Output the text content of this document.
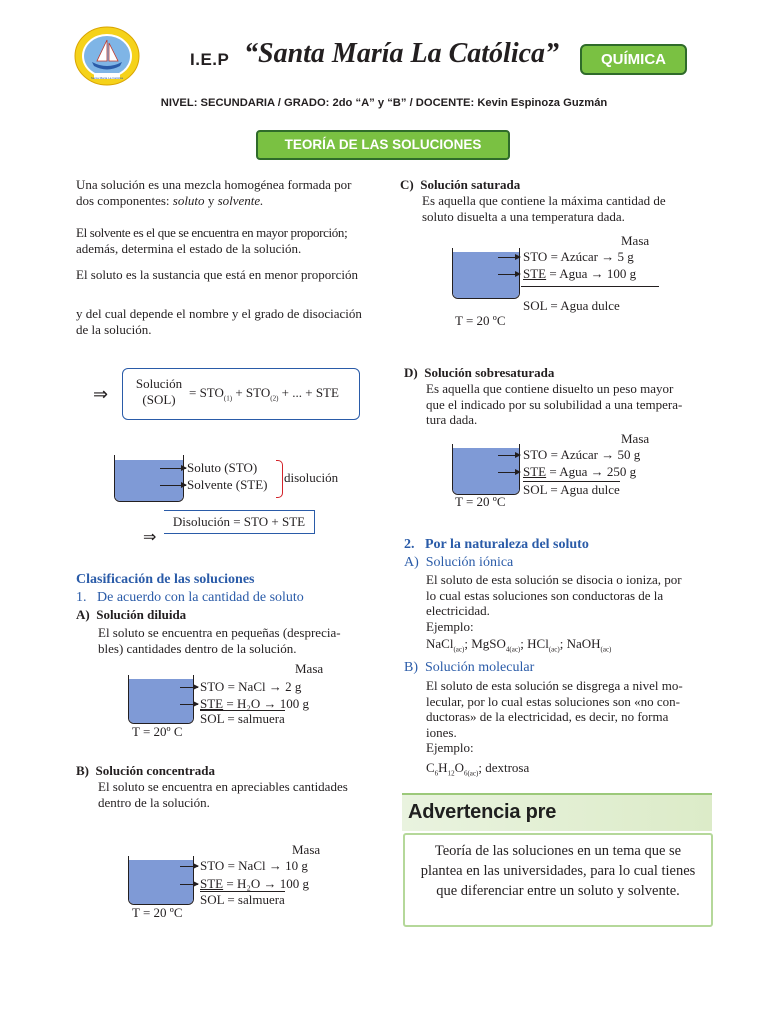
Santa María La Católica
I.E.P “Santa María La Católica”	QUÍMICA
NIVEL: SECUNDARIA / GRADO: 2do “A” y “B” / DOCENTE: Kevin Espinoza Guzmán
TEORÍA DE LAS SOLUCIONES
Una solución es una mezcla homogénea formada por
dos componentes: soluto y solvente.
El solvente es el que se encuentra en mayor proporción;
además, determina el estado de la solución.
El soluto es la sustancia que está en menor proporción
y del cual depende el nombre y el grado de disociación
de la solución.
⇒
Solución
(SOL)	= $STO_{(1)} + STO_{(2)}$ + ... + STE
Soluto (STO)
Solvente (STE) disolución
Disolución = STO + STE
⇒
Clasificación de las soluciones
1.   De acuerdo con la cantidad de soluto
A) Solución diluida
El soluto se encuentra en pequeñas (desprecia-
bles) cantidades dentro de la solución.
Masa
STO = NaCl → 2 g
STE = H₂O → 100 g
SOL = salmuera
T = 20º C
B) Solución concentrada
El soluto se encuentra en apreciables cantidades
dentro de la solución.
Masa
STO = NaCl → 10 g
STE = H₂O → 100 g
SOL = salmuera
T = 20 ºC
C) Solución saturada
Es aquella que contiene la máxima cantidad de
soluto disuelta a una temperatura dada.
Masa
STO = Azúcar → 5 g
STE = Agua → 100 g
SOL = Agua dulce
T = 20 ºC
D) Solución sobresaturada
Es aquella que contiene disuelto un peso mayor
que el indicado por su solubilidad a una tempera-
tura dada.
Masa
STO = Azúcar → 50 g
STE = Agua → 250 g
SOL = Agua dulce
T = 20 ºC
2.   Por la naturaleza del soluto
A)  Solución iónica
El soluto de esta solución se disocia o ioniza, por
lo cual estas soluciones son conductoras de la
electricidad.
Ejemplo:
NaCl$_{(ac)}$; MgSO$_{4(ac)}$; HCl$_{(ac)}$; NaOH$_{(ac)}$
B)  Solución molecular
El soluto de esta solución se disgrega a nivel mo-
lecular, por lo cual estas soluciones son «no con-
ductoras» de la electricidad, es decir, no forma
iones.
Ejemplo:
$C_6H_{12}O_{6(ac)}$; dextrosa
Advertencia pre
Teoría de las soluciones en un tema que se plantea en las universidades, para lo cual tienes que diferenciar entre un soluto y solvente.
